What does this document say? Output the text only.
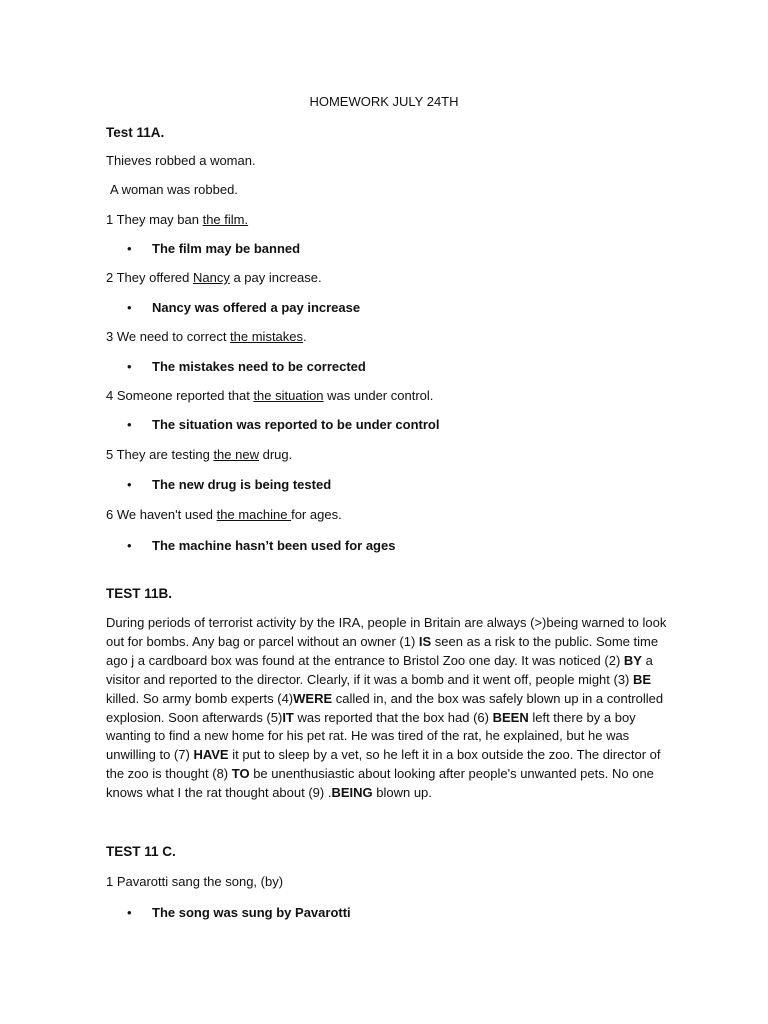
HOMEWORK JULY 24TH
Test 11A.
Thieves robbed a woman.
A woman was robbed.
1 They may ban the film.
• The film may be banned
2 They offered Nancy a pay increase.
• Nancy was offered a pay increase
3 We need to correct the mistakes.
• The mistakes need to be corrected
4 Someone reported that the situation was under control.
• The situation was reported to be under control
5 They are testing the new drug.
• The new drug is being tested
6 We haven't used the machine for ages.
• The machine hasn’t been used for ages
TEST 11B.
During periods of terrorist activity by the IRA, people in Britain are always (>)being warned to look
out for bombs. Any bag or parcel without an owner (1) IS seen as a risk to the public. Some time
ago j a cardboard box was found at the entrance to Bristol Zoo one day. It was noticed (2) BY a
visitor and reported to the director. Clearly, if it was a bomb and it went off, people might (3) BE
killed. So army bomb experts (4)WERE called in, and the box was safely blown up in a controlled
explosion. Soon afterwards (5)IT was reported that the box had (6) BEEN left there by a boy
wanting to find a new home for his pet rat. He was tired of the rat, he explained, but he was
unwilling to (7) HAVE it put to sleep by a vet, so he left it in a box outside the zoo. The director of
the zoo is thought (8) TO be unenthusiastic about looking after people's unwanted pets. No one
knows what I the rat thought about (9) .BEING blown up.
TEST 11 C.
1 Pavarotti sang the song, (by)
• The song was sung by Pavarotti
